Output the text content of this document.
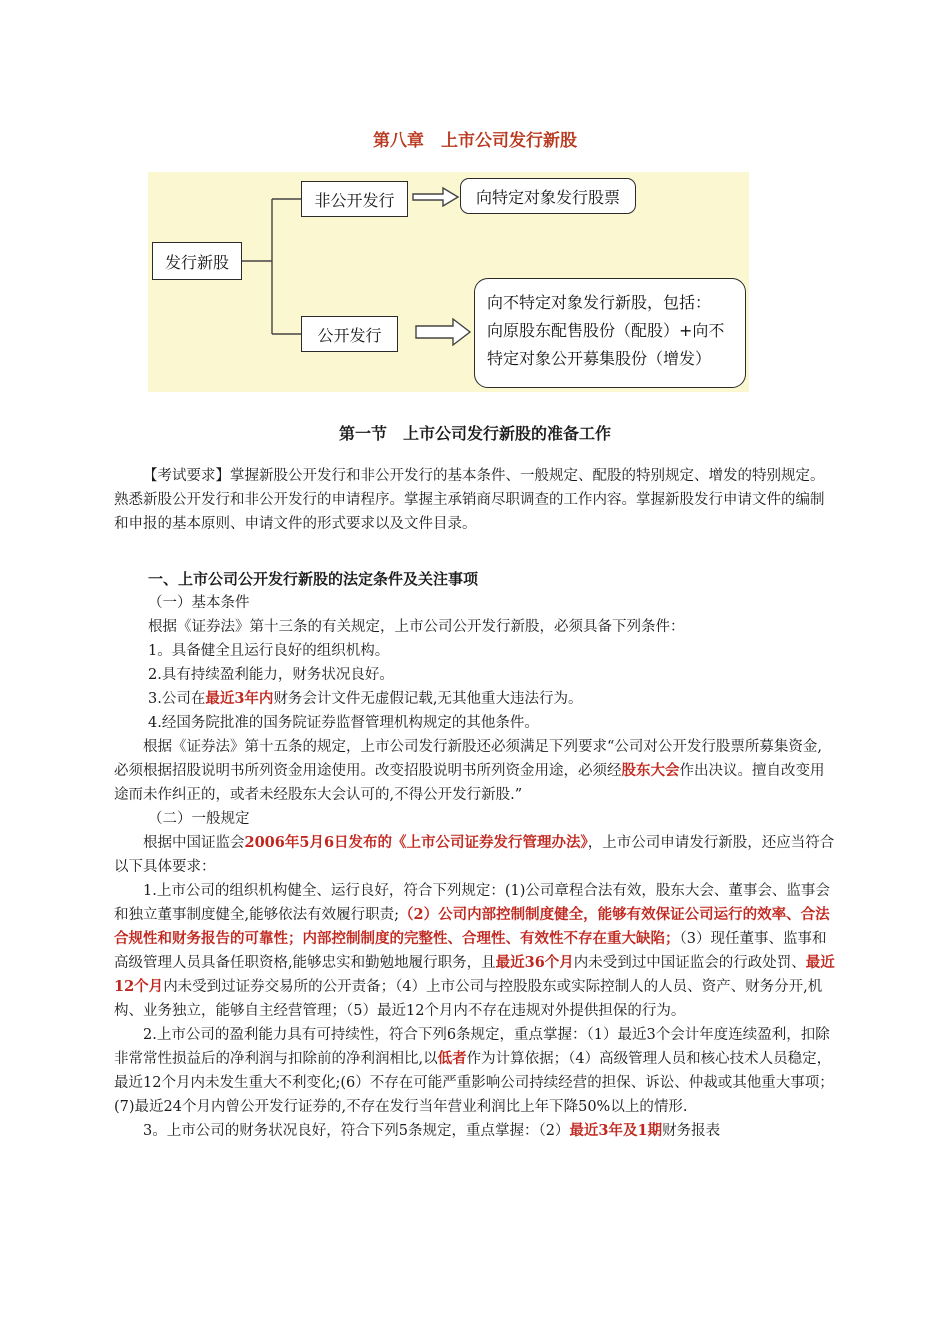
第八章　上市公司发行新股
发行新股
非公开发行
公开发行
向特定对象发行股票
向不特定对象发行新股，包括：
向原股东配售股份（配股）+向不
特定对象公开募集股份（增发）
第一节　上市公司发行新股的准备工作

【考试要求】掌握新股公开发行和非公开发行的基本条件、一般规定、配股的特别规定、增发的特别规定。熟悉新股公开发行和非公开发行的申请程序。掌握主承销商尽职调查的工作内容。掌握新股发行申请文件的编制和申报的基本原则、申请文件的形式要求以及文件目录。

一、上市公司公开发行新股的法定条件及关注事项

（一）基本条件

根据《证券法》第十三条的有关规定，上市公司公开发行新股，必须具备下列条件：

1。具备健全且运行良好的组织机构。

2.具有持续盈利能力，财务状况良好。

3.公司在最近3年内财务会计文件无虚假记载,无其他重大违法行为。

4.经国务院批准的国务院证券监督管理机构规定的其他条件。

根据《证券法》第十五条的规定，上市公司发行新股还必须满足下列要求“公司对公开发行股票所募集资金,必须根据招股说明书所列资金用途使用。改变招股说明书所列资金用途，必须经股东大会作出决议。擅自改变用途而未作纠正的，或者未经股东大会认可的,不得公开发行新股.”

（二）一般规定

根据中国证监会2006年5月6日发布的《上市公司证券发行管理办法》，上市公司申请发行新股，还应当符合以下具体要求：

1.上市公司的组织机构健全、运行良好，符合下列规定：(1)公司章程合法有效，股东大会、董事会、监事会和独立董事制度健全,能够依法有效履行职责;（2）公司内部控制制度健全，能够有效保证公司运行的效率、合法合规性和财务报告的可靠性；内部控制制度的完整性、合理性、有效性不存在重大缺陷；（3）现任董事、监事和高级管理人员具备任职资格,能够忠实和勤勉地履行职务，且最近36个月内未受到过中国证监会的行政处罚、最近12个月内未受到过证券交易所的公开责备；（4）上市公司与控股股东或实际控制人的人员、资产、财务分开,机构、业务独立，能够自主经营管理；（5）最近12个月内不存在违规对外提供担保的行为。

2.上市公司的盈利能力具有可持续性，符合下列6条规定，重点掌握：（1）最近3个会计年度连续盈利，扣除非常常性损益后的净利润与扣除前的净利润相比,以低者作为计算依据；（4）高级管理人员和核心技术人员稳定，最近12个月内未发生重大不利变化;(6）不存在可能严重影响公司持续经营的担保、诉讼、仲裁或其他重大事项；(7)最近24个月内曾公开发行证券的,不存在发行当年营业利润比上年下降50%以上的情形.

3。上市公司的财务状况良好，符合下列5条规定，重点掌握：（2）最近3年及1期财务报表
